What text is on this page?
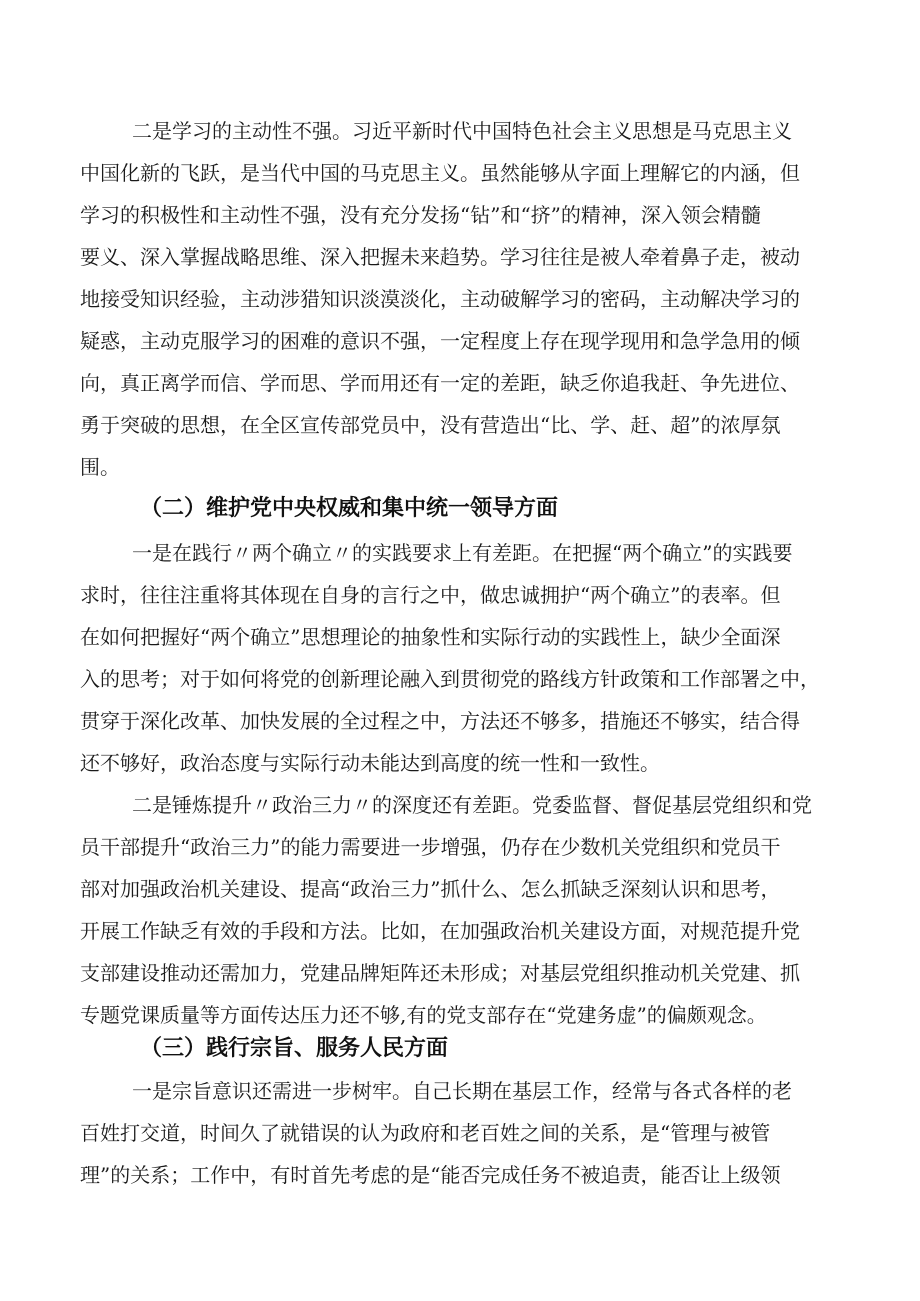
二是学习的主动性不强。习近平新时代中国特色社会主义思想是马克思主义
中国化新的飞跃，是当代中国的马克思主义。虽然能够从字面上理解它的内涵，但
学习的积极性和主动性不强，没有充分发扬“钻”和“挤”的精神，深入领会精髓
要义、深入掌握战略思维、深入把握未来趋势。学习往往是被人牵着鼻子走，被动
地接受知识经验，主动涉猎知识淡漠淡化，主动破解学习的密码，主动解决学习的
疑惑，主动克服学习的困难的意识不强，一定程度上存在现学现用和急学急用的倾
向，真正离学而信、学而思、学而用还有一定的差距，缺乏你追我赶、争先进位、
勇于突破的思想，在全区宣传部党员中，没有营造出“比、学、赶、超”的浓厚氛
围。
（二）维护党中央权威和集中统一领导方面
一是在践行〃两个确立〃的实践要求上有差距。在把握“两个确立”的实践要
求时，往往注重将其体现在自身的言行之中，做忠诚拥护“两个确立”的表率。但
在如何把握好“两个确立”思想理论的抽象性和实际行动的实践性上，缺少全面深
入的思考；对于如何将党的创新理论融入到贯彻党的路线方针政策和工作部署之中，
贯穿于深化改革、加快发展的全过程之中，方法还不够多，措施还不够实，结合得
还不够好，政治态度与实际行动未能达到高度的统一性和一致性。
二是锤炼提升〃政治三力〃的深度还有差距。党委监督、督促基层党组织和党
员干部提升“政治三力”的能力需要进一步增强，仍存在少数机关党组织和党员干
部对加强政治机关建设、提高“政治三力”抓什么、怎么抓缺乏深刻认识和思考，
开展工作缺乏有效的手段和方法。比如，在加强政治机关建设方面，对规范提升党
支部建设推动还需加力，党建品牌矩阵还未形成；对基层党组织推动机关党建、抓
专题党课质量等方面传达压力还不够,有的党支部存在“党建务虚”的偏颇观念。
（三）践行宗旨、服务人民方面
一是宗旨意识还需进一步树牢。自己长期在基层工作，经常与各式各样的老
百姓打交道，时间久了就错误的认为政府和老百姓之间的关系，是“管理与被管
理”的关系；工作中，有时首先考虑的是“能否完成任务不被追责，能否让上级领
